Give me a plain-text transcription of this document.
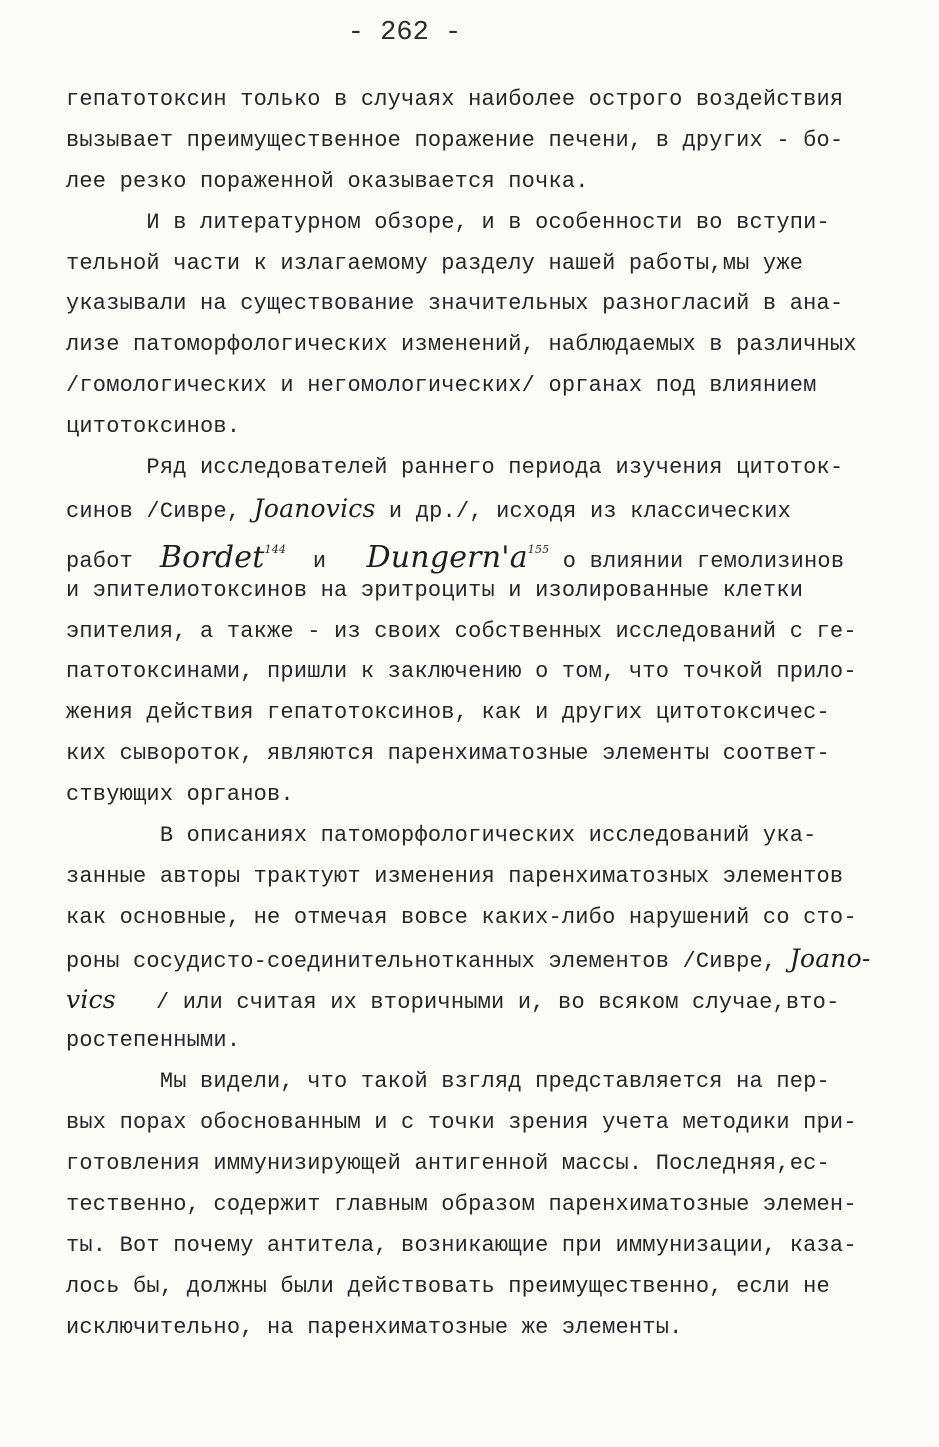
- 262 -
гепатотоксин только в случаях наиболее острого воздействия
вызывает преимущественное поражение печени, в других - бо-
лее резко пораженной оказывается почка.
И в литературном обзоре, и в особенности во вступи-
тельной части к излагаемому разделу нашей работы,мы уже
указывали на существование значительных разногласий в ана-
лизе патоморфологических изменений, наблюдаемых в различных
/гомологических и негомологических/ органах под влиянием
цитотоксинов.
Ряд исследователей раннего периода изучения цитоток-
синов /Сивре, Joanovics и др./, исходя из классических
работ  Bordet$^{144}$  и   Dungern'a$^{155}$ о влиянии гемолизинов
и эпителиотоксинов на эритроциты и изолированные клетки
эпителия, а также - из своих собственных исследований с ге-
патотоксинами, пришли к заключению о том, что точкой прило-
жения действия гепатотоксинов, как и других цитотоксичес-
ких сывороток, являются паренхиматозные элементы соответ-
ствующих органов.
В описаниях патоморфологических исследований ука-
занные авторы трактуют изменения паренхиматозных элементов
как основные, не отмечая вовсе каких-либо нарушений со сто-
роны сосудисто-соединительнотканных элементов /Сивре, Joano-
vics   / или считая их вторичными и, во всяком случае,вто-
ростепенными.
Мы видели, что такой взгляд представляется на пер-
вых порах обоснованным и с точки зрения учета методики при-
готовления иммунизирующей антигенной массы. Последняя,ес-
тественно, содержит главным образом паренхиматозные элемен-
ты. Вот почему антитела, возникающие при иммунизации, каза-
лось бы, должны были действовать преимущественно, если не
исключительно, на паренхиматозные же элементы.
